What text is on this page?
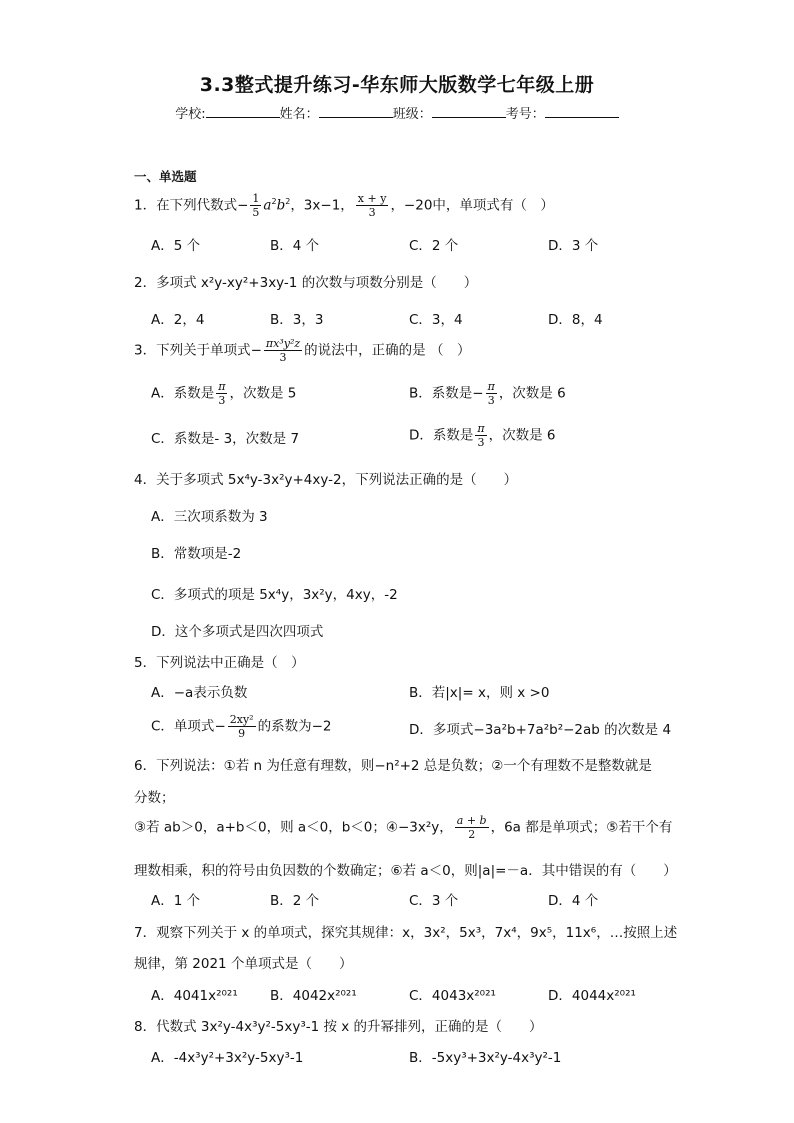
3.3整式提升练习-华东师大版数学七年级上册
学校:	姓名：	班级：	考号：
一、单选题
1．在下列代数式− $\frac{1}{5} a^2b^2$，3x−1， $\frac{x + y}{3}$ ，−20中，单项式有（　）
A．5 个	B．4 个	C．2 个	D．3 个
2．多项式 x²y-xy²+3xy-1 的次数与项数分别是（　　）
A．2，4	B．3，3	C．3，4	D．8，4
3．下列关于单项式− $\frac{\text{πx³y²z}}{3}$ 的说法中，正确的是 （　）
A．系数是 $\frac{\pi}{3}$ ，次数是 5	B．系数是− $\frac{\pi}{3}$ ，次数是 6
C．系数是- 3，次数是 7	D．系数是 $\frac{\pi}{3}$ ，次数是 6
4．关于多项式 5x⁴y-3x²y+4xy-2，下列说法正确的是（　　）
A．三次项系数为 3
B．常数项是-2
C．多项式的项是 5x⁴y，3x²y，4xy，-2
D．这个多项式是四次四项式
5．下列说法中正确是（　）
A．−a表示负数	B．若|x|= x，则 x >0
C．单项式− $\frac{\text{2xy²}}{9}$ 的系数为−2	D．多项式−3a²b+7a²b²−2ab 的次数是 4
6．下列说法：①若 n 为任意有理数，则−n²+2 总是负数；②一个有理数不是整数就是
分数；
③若 ab＞0，a+b＜0，则 a＜0，b＜0；④−3x²y， $\frac{a + b}{2}$ ，6a 都是单项式；⑤若干个有
理数相乘，积的符号由负因数的个数确定；⑥若 a＜0，则|a|=－a．其中错误的有（　　）
A．1 个	B．2 个	C．3 个	D．4 个
7．观察下列关于 x 的单项式，探究其规律：x，3x²，5x³，7x⁴，9x⁵，11x⁶，…按照上述
规律，第 2021 个单项式是（　　）
A．4041x²⁰²¹ B．4042x²⁰²¹	C．4043x²⁰²¹	D．4044x²⁰²¹
8．代数式 3x²y-4x³y²-5xy³-1 按 x 的升幂排列，正确的是（　　）
A．-4x³y²+3x²y-5xy³-1	B．-5xy³+3x²y-4x³y²-1
